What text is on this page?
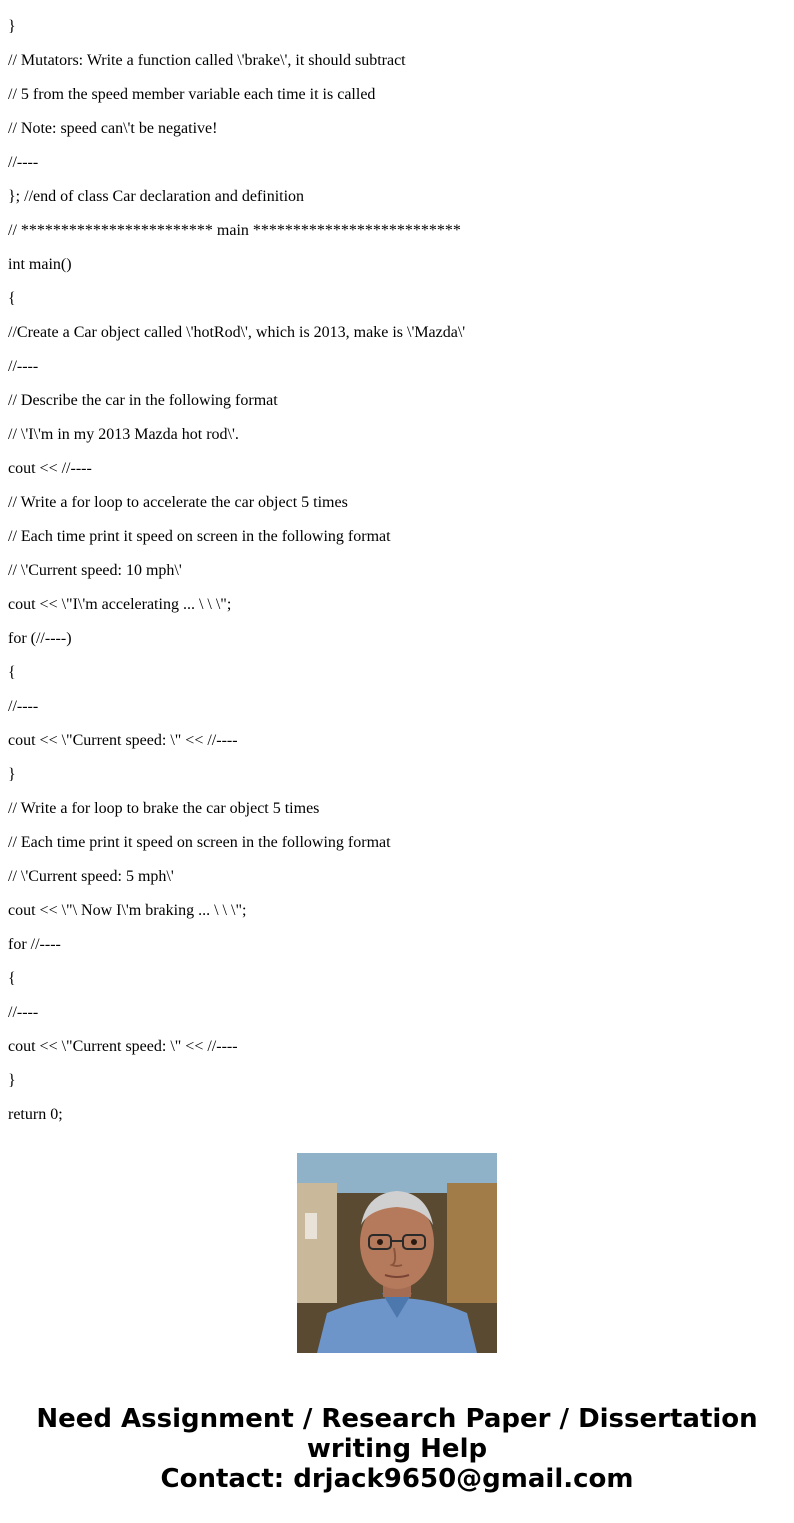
}
// Mutators: Write a function called \'brake\', it should subtract
// 5 from the speed member variable each time it is called
// Note: speed can\'t be negative!
//----
}; //end of class Car declaration and definition
// ************************ main **************************
int main()
{
//Create a Car object called \'hotRod\', which is 2013, make is \'Mazda\'
//----
// Describe the car in the following format
// \'I\'m in my 2013 Mazda hot rod\'.
cout << //----
// Write a for loop to accelerate the car object 5 times
// Each time print it speed on screen in the following format
// \'Current speed: 10 mph\'
cout << \"I\'m accelerating ... \ \ \";
for (//----)
{
//----
cout << \"Current speed: \" << //----
}
// Write a for loop to brake the car object 5 times
// Each time print it speed on screen in the following format
// \'Current speed: 5 mph\'
cout << \"\ Now I\'m braking ... \ \ \";
for //----
{
//----
cout << \"Current speed: \" << //----
}
return 0;
Need Assignment / Research Paper / Dissertation
writing Help
Contact: drjack9650@gmail.com
